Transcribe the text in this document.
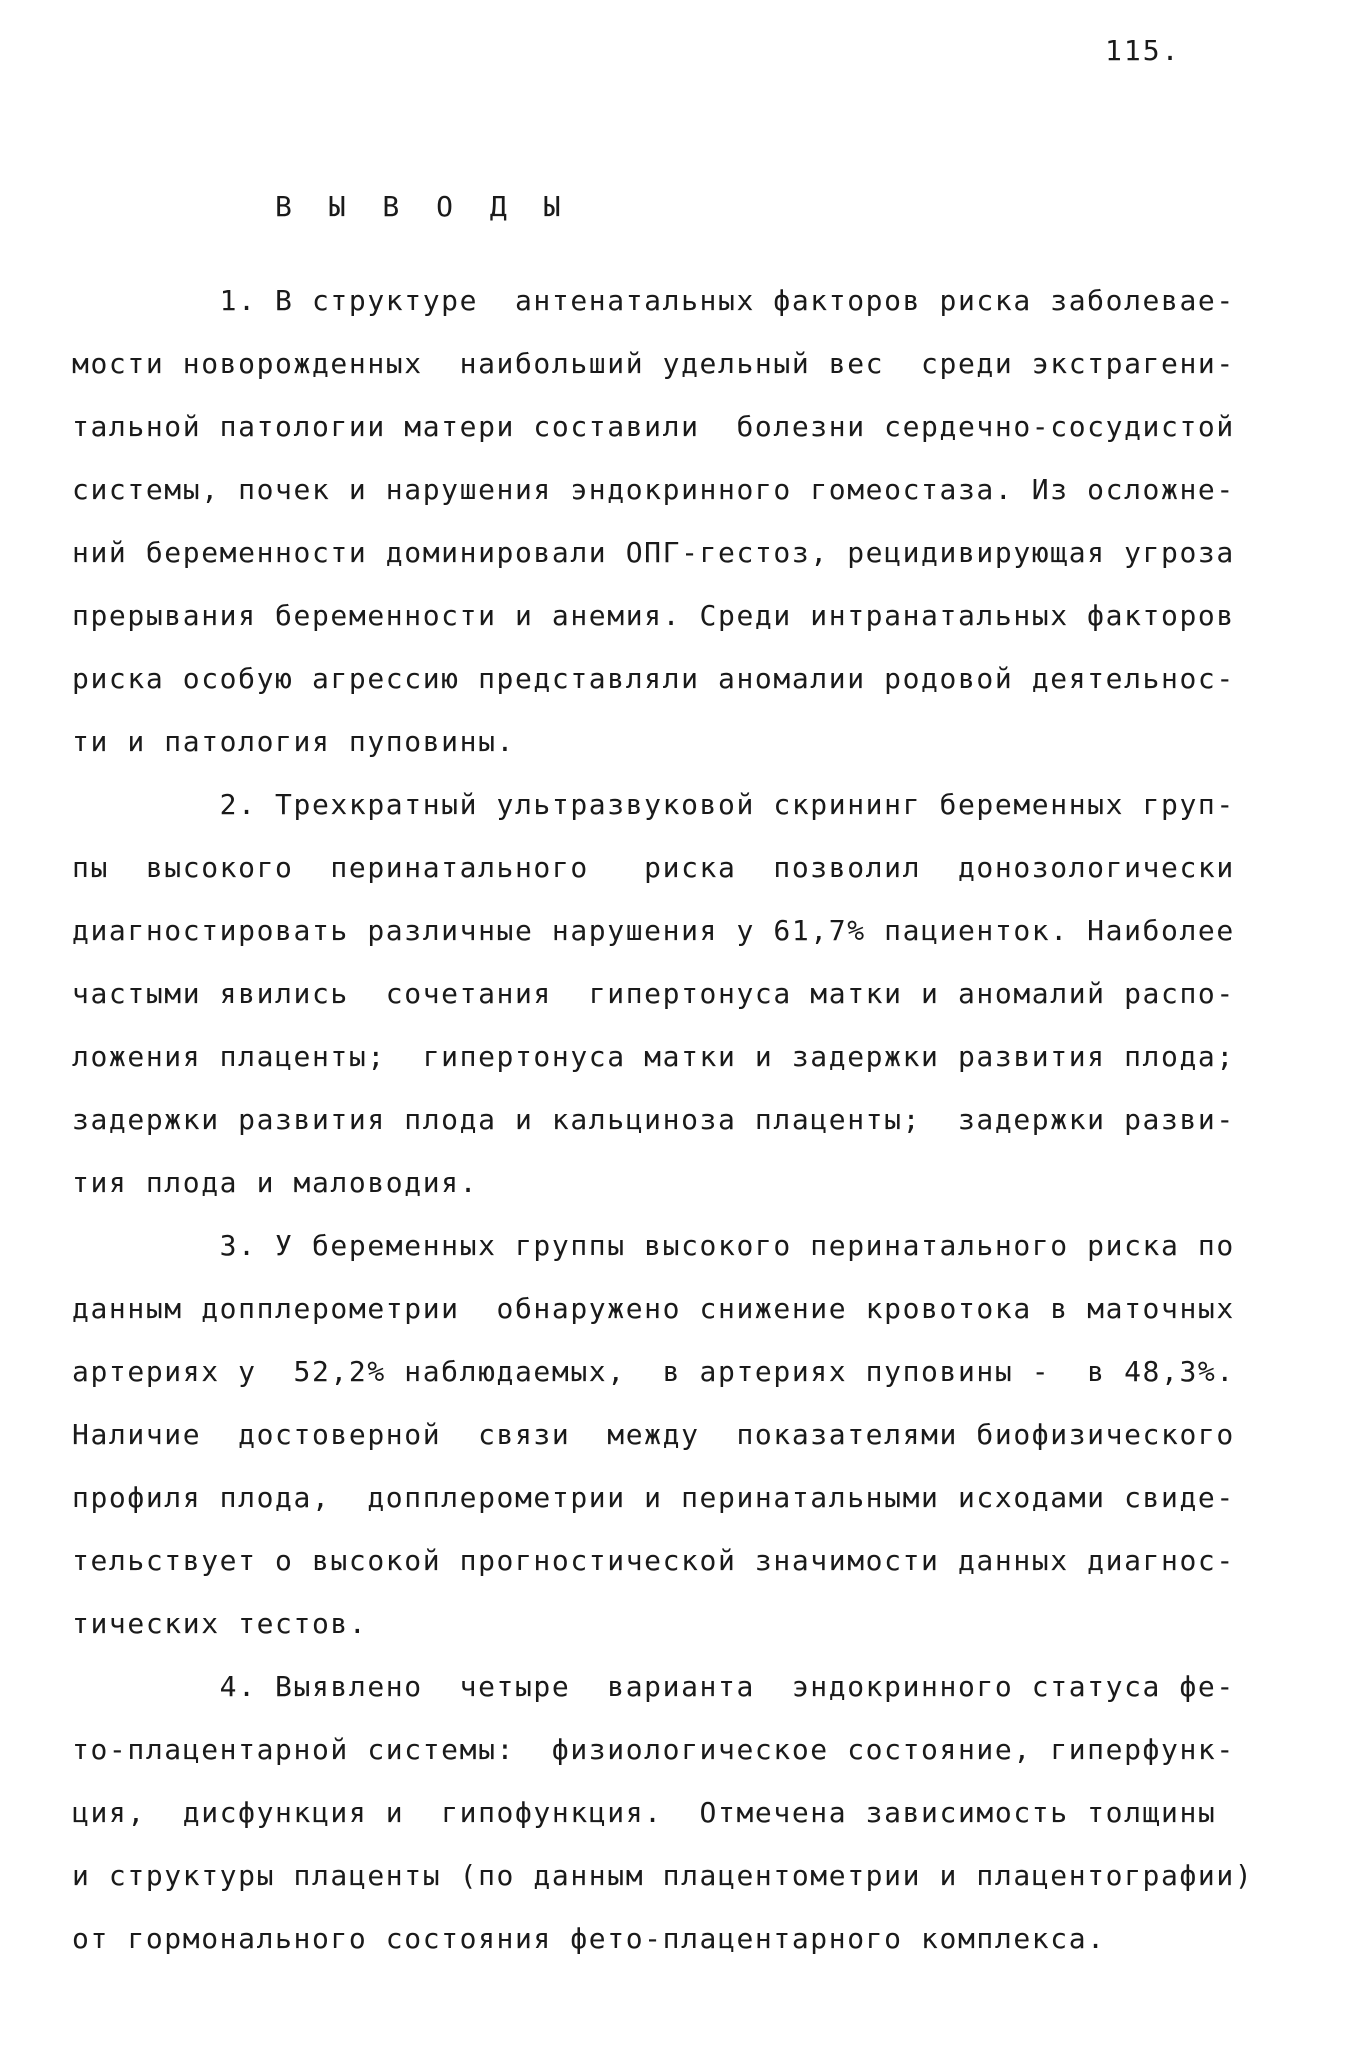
115.
В Ы В О Д Ы
1. В структуре  антенатальных факторов риска заболевае-
мости новорожденных  наибольший удельный вес  среди экстрагени-
тальной патологии матери составили  болезни сердечно-сосудистой
системы, почек и нарушения эндокринного гомеостаза. Из осложне-
ний беременности доминировали ОПГ-гестоз, рецидивирующая угроза
прерывания беременности и анемия. Среди интранатальных факторов
риска особую агрессию представляли аномалии родовой деятельнос-
ти и патология пуповины.
2. Трехкратный ультразвуковой скрининг беременных груп-
пы  высокого  перинатального   риска  позволил  донозологически
диагностировать различные нарушения у 61,7% пациенток. Наиболее
частыми явились  сочетания  гипертонуса матки и аномалий распо-
ложения плаценты;  гипертонуса матки и задержки развития плода;
задержки развития плода и кальциноза плаценты;  задержки разви-
тия плода и маловодия.
3. У беременных группы высокого перинатального риска по
данным допплерометрии  обнаружено снижение кровотока в маточных
артериях у  52,2% наблюдаемых,  в артериях пуповины -  в 48,3%.
Наличие  достоверной  связи  между  показателями биофизического
профиля плода,  допплерометрии и перинатальными исходами свиде-
тельствует о высокой прогностической значимости данных диагнос-
тических тестов.
4. Выявлено  четыре  варианта  эндокринного статуса фе-
то-плацентарной системы:  физиологическое состояние, гиперфунк-
ция,  дисфункция и  гипофункция.  Отмечена зависимость толщины
и структуры плаценты (по данным плацентометрии и плацентографии)
от гормонального состояния фето-плацентарного комплекса.
